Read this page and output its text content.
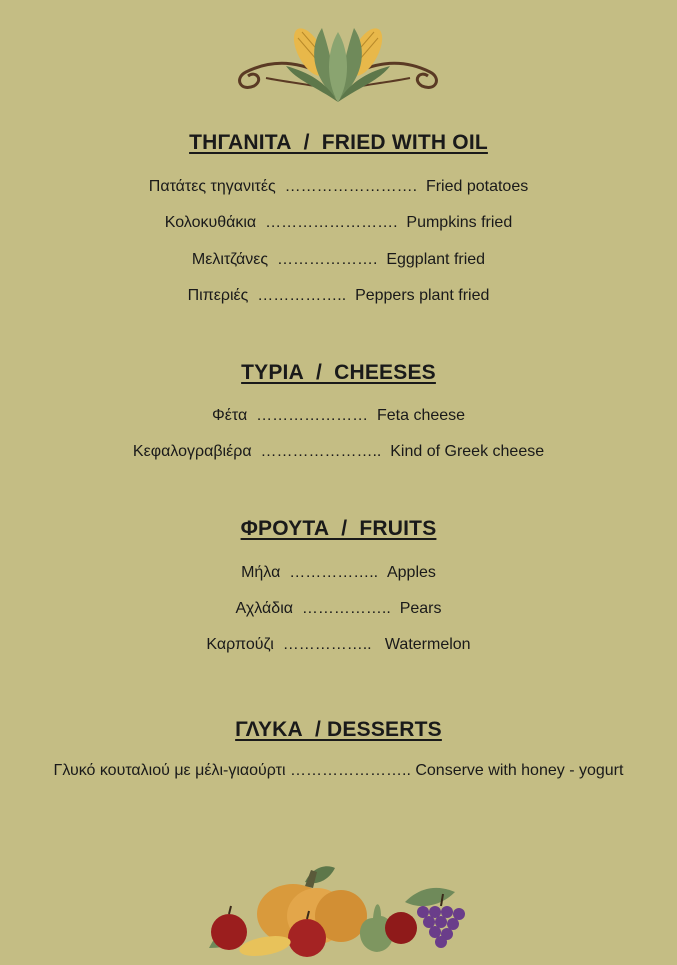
ΤΗΓΑΝΙΤΑ  /  FRIED WITH OIL
Πατάτες τηγανιτές  …………………….  Fried potatoes
Κολοκυθάκια  …………………….  Pumpkins fried
Μελιτζάνες  ……………….  Eggplant fried
Πιπεριές  ……………..  Peppers plant fried
ΤΥΡΙΑ  /  CHEESES
Φέτα  …………………  Feta cheese
Κεφαλογραβιέρα  …………………..  Kind of Greek cheese
ΦΡΟΥΤΑ  /  FRUITS
Μήλα  ……………..  Apples
Αχλάδια  ……………..  Pears
Καρπούζι  ……………..   Watermelon
ΓΛΥΚΑ  / DESSERTS
Γλυκό κουταλιού με μέλι-γιαούρτι ………………….. Conserve with honey - yogurt
